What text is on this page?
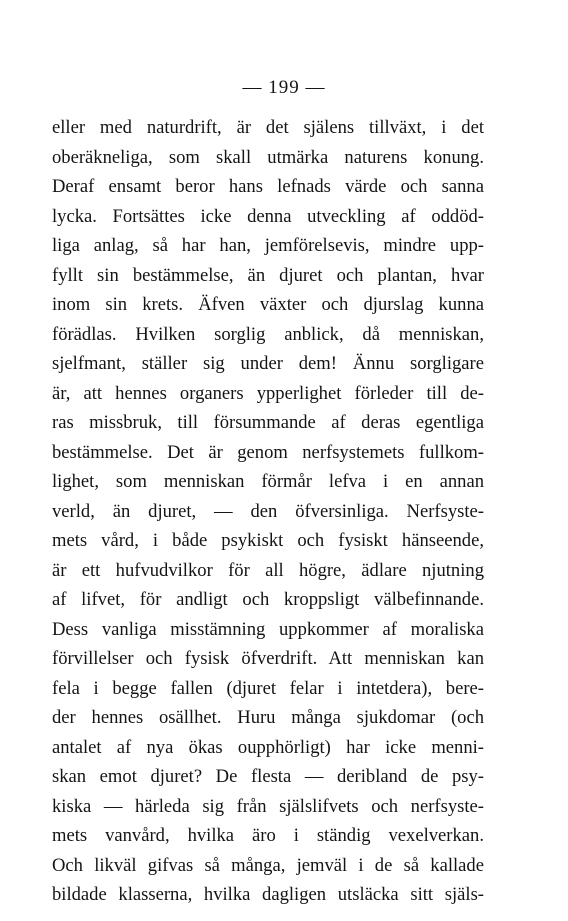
— 199 —
eller med naturdrift, är det själens tillväxt, i det
oberäkneliga, som skall utmärka naturens konung.
Deraf ensamt beror hans lefnads värde och sanna
lycka. Fortsättes icke denna utveckling af oddöd-
liga anlag, så har han, jemförelsevis, mindre upp-
fyllt sin bestämmelse, än djuret och plantan, hvar
inom sin krets. Äfven växter och djurslag kunna
förädlas. Hvilken sorglig anblick, då menniskan,
sjelfmant, ställer sig under dem! Ännu sorgligare
är, att hennes organers ypperlighet förleder till de-
ras missbruk, till försummande af deras egentliga
bestämmelse. Det är genom nerfsystemets fullkom-
lighet, som menniskan förmår lefva i en annan
verld, än djuret, — den öfversinliga. Nerfsyste-
mets vård, i både psykiskt och fysiskt hänseende,
är ett hufvudvilkor för all högre, ädlare njutning
af lifvet, för andligt och kroppsligt välbefinnande.
Dess vanliga misstämning uppkommer af moraliska
förvillelser och fysisk öfverdrift. Att menniskan kan
fela i begge fallen (djuret felar i intetdera), bere-
der hennes osällhet. Huru många sjukdomar (och
antalet af nya ökas oupphörligt) har icke menni-
skan emot djuret? De flesta — deribland de psy-
kiska — härleda sig från själslifvets och nerfsyste-
mets vanvård, hvilka äro i ständig vexelverkan.
Och likväl gifvas så många, jemväl i de så kallade
bildade klasserna, hvilka dagligen utsläcka sitt själs-
